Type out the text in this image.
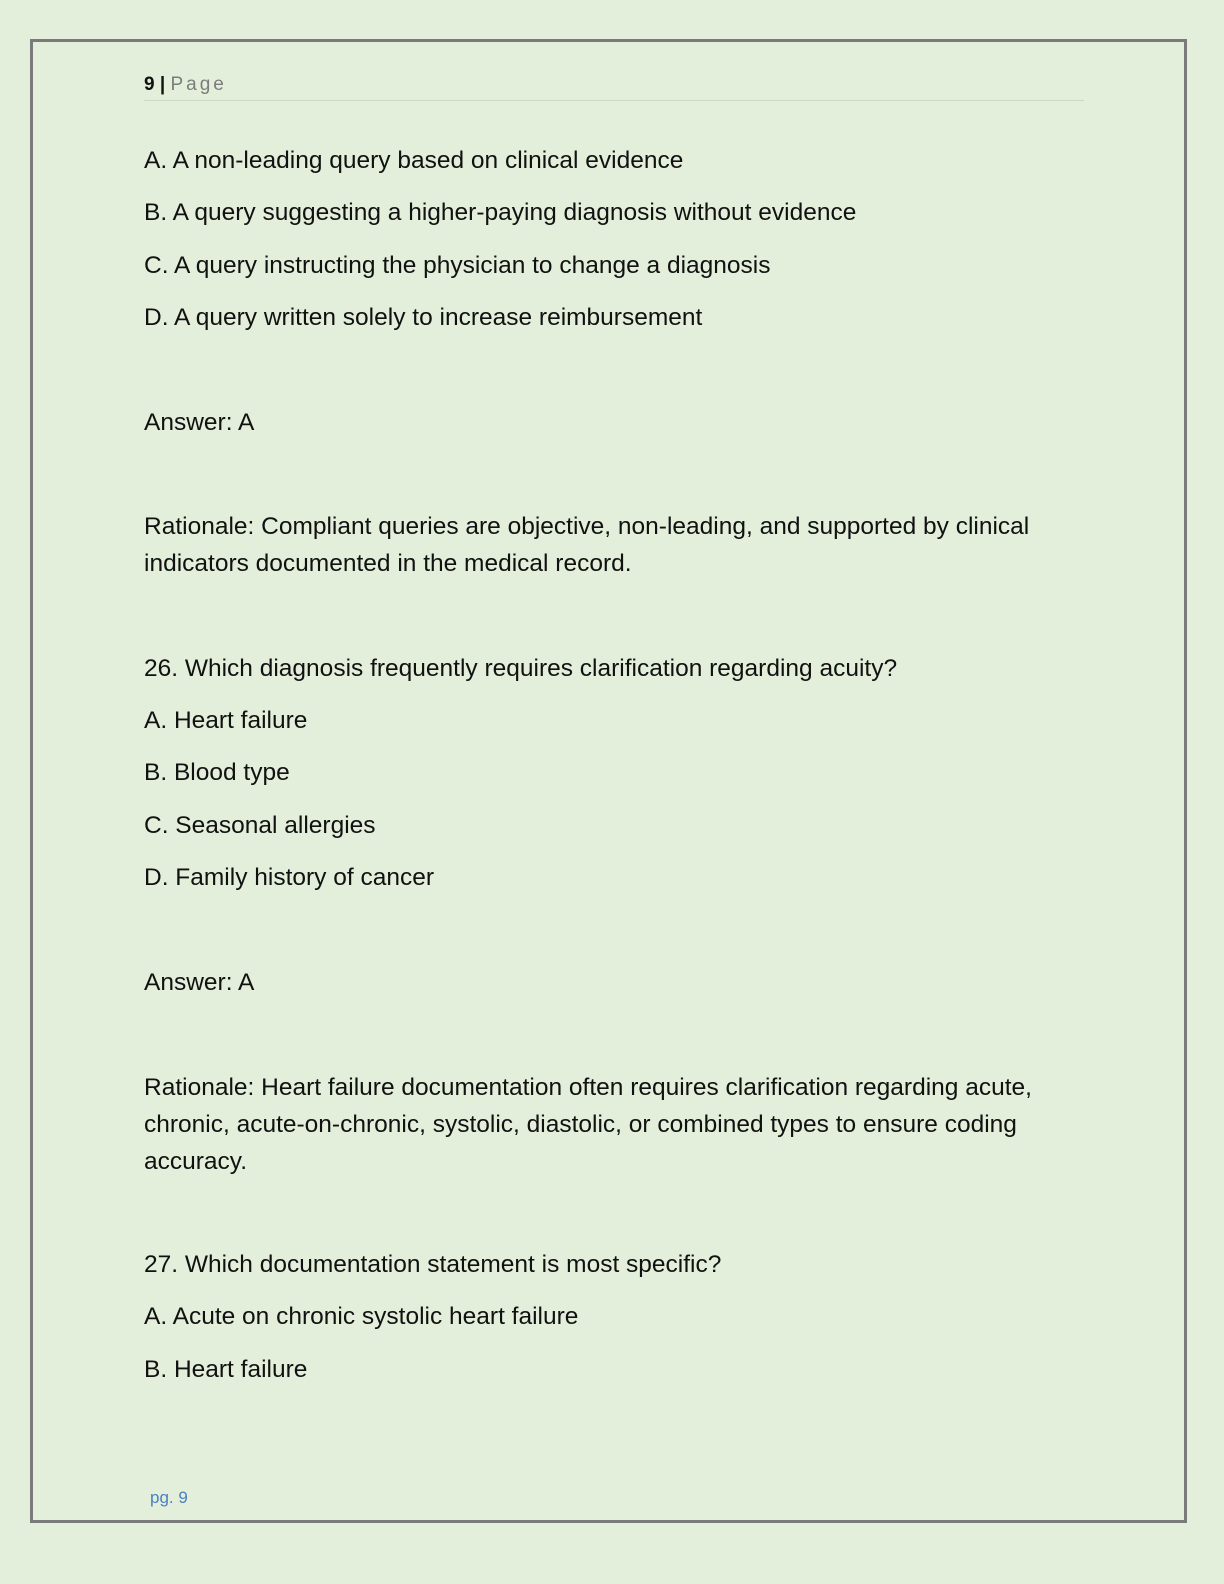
9 | Page
A. A non-leading query based on clinical evidence
B. A query suggesting a higher-paying diagnosis without evidence
C. A query instructing the physician to change a diagnosis
D. A query written solely to increase reimbursement
Answer: A
Rationale: Compliant queries are objective, non-leading, and supported by clinical indicators documented in the medical record.
26. Which diagnosis frequently requires clarification regarding acuity?
A. Heart failure
B. Blood type
C. Seasonal allergies
D. Family history of cancer
Answer: A
Rationale: Heart failure documentation often requires clarification regarding acute, chronic, acute-on-chronic, systolic, diastolic, or combined types to ensure coding accuracy.
27. Which documentation statement is most specific?
A. Acute on chronic systolic heart failure
B. Heart failure
pg. 9
